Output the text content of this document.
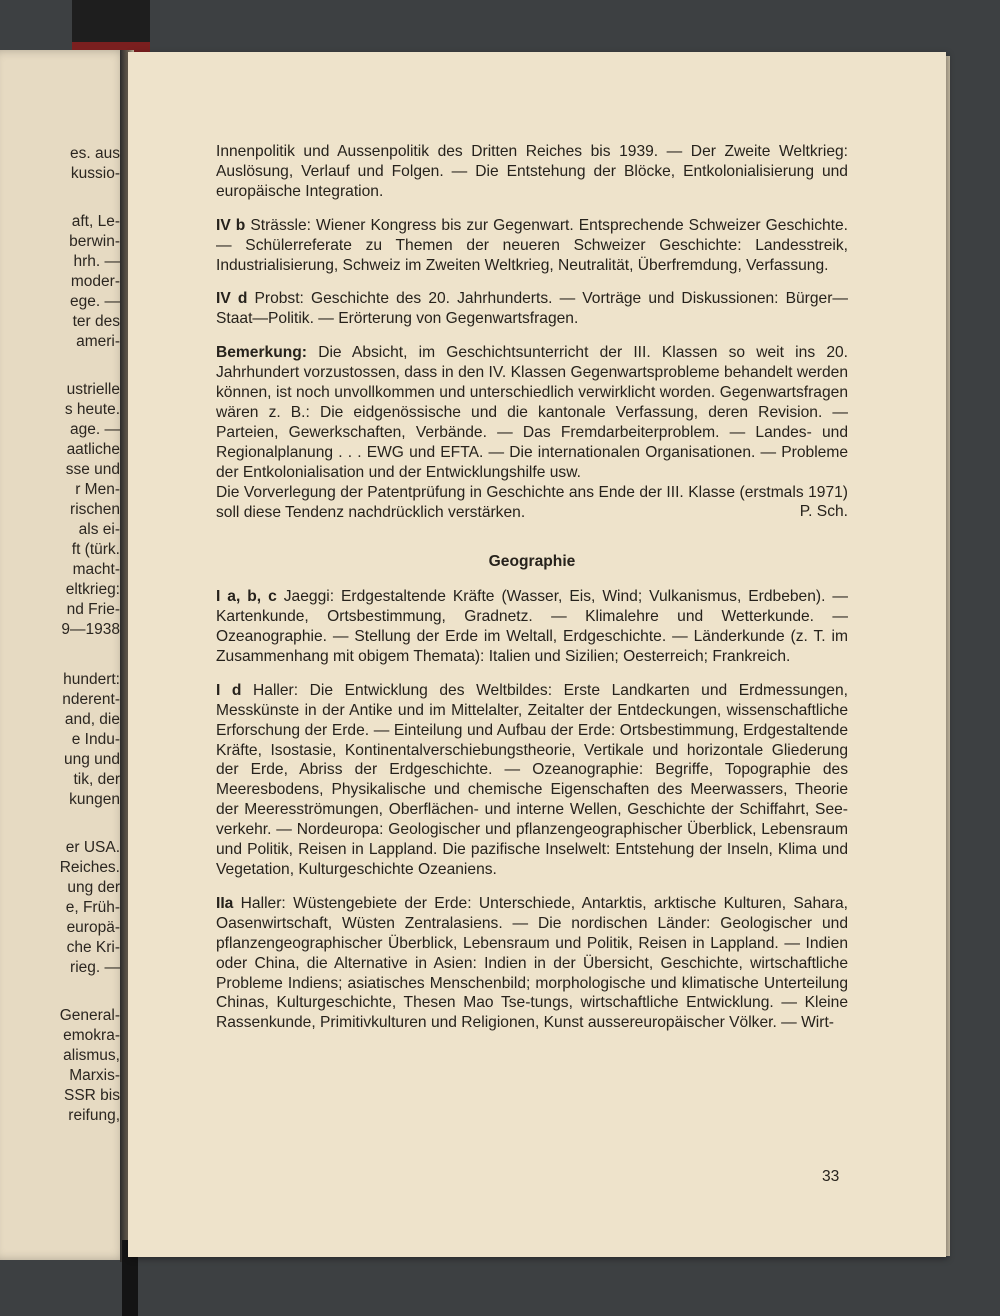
es. aus
kussio-
aft, Le-
berwin-
hrh. —
moder-
ege. —
ter des
ameri-
ustrielle
s heute.
age. —
aatliche
sse und
r Men-
rischen
als ei-
ft (türk.
macht-
eltkrieg:
nd Frie-
9—1938
hundert:
nderent-
and, die
e Indu-
ung und
tik, der
kungen
er USA.
Reiches.
ung der
e, Früh-
europä-
che Kri-
rieg. —
General-
emokra-
alismus,
Marxis-
SSR bis
reifung,

Innenpolitik und Aussenpolitik des Dritten Reiches bis 1939. — Der Zweite Weltkrieg: Auslösung, Verlauf und Folgen. — Die Entstehung der Blöcke, Entkolonialisierung und europäische Integration.

IV b Strässle: Wiener Kongress bis zur Gegenwart. Entsprechende Schweizer Geschichte. — Schülerreferate zu Themen der neueren Schweizer Geschichte: Landesstreik, Industrialisierung, Schweiz im Zweiten Weltkrieg, Neutralität, Überfremdung, Verfassung.

IV d Probst: Geschichte des 20. Jahrhunderts. — Vorträge und Diskussionen: Bürger—Staat—Politik. — Erörterung von Gegenwartsfragen.

Bemerkung: Die Absicht, im Geschichtsunterricht der III. Klassen so weit ins 20. Jahrhundert vorzustossen, dass in den IV. Klassen Gegenwartsprobleme behandelt werden können, ist noch unvollkommen und unterschiedlich verwirklicht worden. Gegenwartsfragen wären z. B.: Die eidgenössische und die kantonale Verfassung, deren Revision. — Parteien, Gewerkschaften, Verbände. — Das Fremdarbeiterproblem. — Landes- und Regionalplanung . . . EWG und EFTA. — Die internationalen Organisationen. — Probleme der Entkolonialisation und der Entwicklungshilfe usw.
Die Vorverlegung der Patentprüfung in Geschichte ans Ende der III. Klasse (erstmals 1971) soll diese Tendenz nachdrücklich verstärken.	P. Sch.
Geographie

I a, b, c Jaeggi: Erdgestaltende Kräfte (Wasser, Eis, Wind; Vulkanismus, Erdbeben). — Kartenkunde, Ortsbestimmung, Gradnetz. — Klimalehre und Wetterkunde. — Ozeanographie. — Stellung der Erde im Weltall, Erdgeschichte. — Länderkunde (z. T. im Zusammenhang mit obigem Themata): Italien und Sizilien; Oesterreich; Frankreich.

I d Haller: Die Entwicklung des Weltbildes: Erste Landkarten und Erdmessungen, Messkünste in der Antike und im Mittelalter, Zeitalter der Entdeckungen, wissenschaftliche Erforschung der Erde. — Einteilung und Aufbau der Erde: Ortsbestimmung, Erdgestaltende Kräfte, Isostasie, Kontinentalverschiebungstheorie, Vertikale und horizontale Gliederung der Erde, Abriss der Erdgeschichte. — Ozeanographie: Begriffe, Topographie des Meeresbodens, Physikalische und chemische Eigenschaften des Meerwassers, Theorie der Meeresströmungen, Oberflächen- und interne Wellen, Geschichte der Schiffahrt, Seeverkehr. — Nordeuropa: Geologischer und pflanzengeographischer Überblick, Lebensraum und Politik, Reisen in Lappland. Die pazifische Inselwelt: Entstehung der Inseln, Klima und Vegetation, Kulturgeschichte Ozeaniens.

IIa Haller: Wüstengebiete der Erde: Unterschiede, Antarktis, arktische Kulturen, Sahara, Oasenwirtschaft, Wüsten Zentralasiens. — Die nordischen Länder: Geologischer und pflanzengeographischer Überblick, Lebensraum und Politik, Reisen in Lappland. — Indien oder China, die Alternative in Asien: Indien in der Übersicht, Geschichte, wirtschaftliche Probleme Indiens; asiatisches Menschenbild; morphologische und klimatische Unterteilung Chinas, Kulturgeschichte, Thesen Mao Tse-tungs, wirtschaftliche Entwicklung. — Kleine Rassenkunde, Primitivkulturen und Religionen, Kunst aussereuropäischer Völker. — Wirt-

33
